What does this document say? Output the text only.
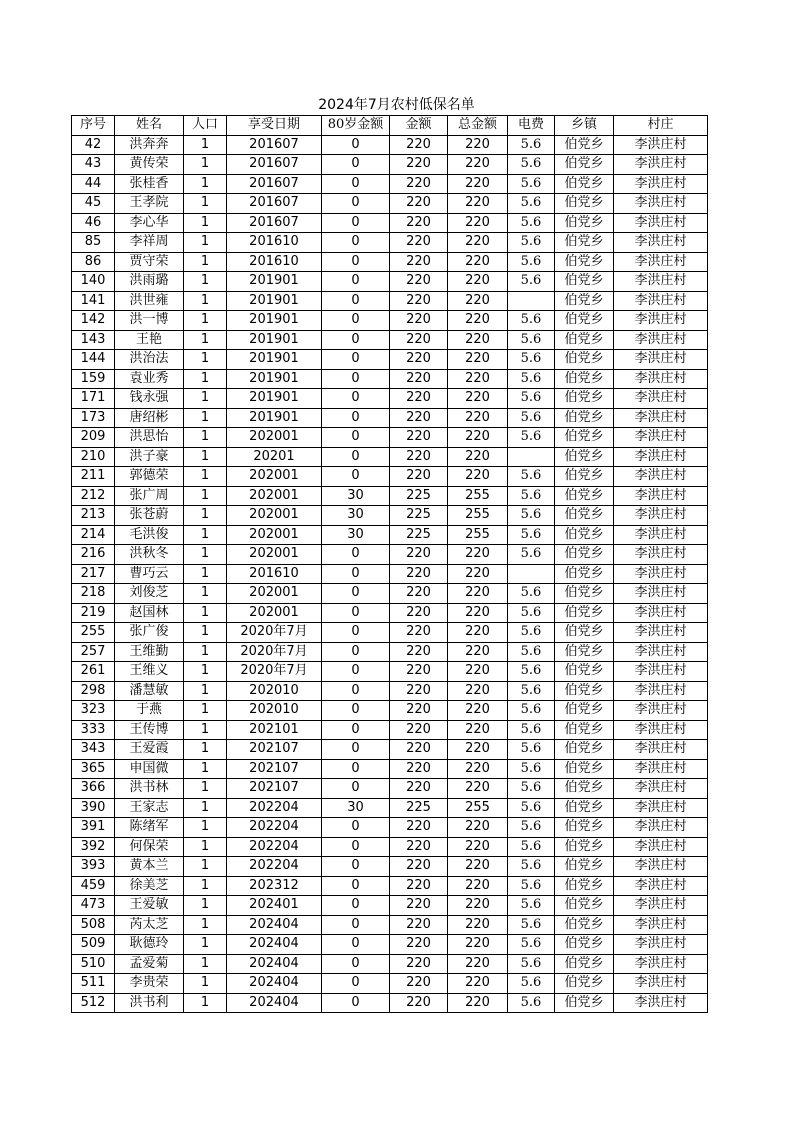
2024年7月农村低保名单
序号	姓名	人口	享受日期	80岁金额	金额	总金额	电费	乡镇	村庄
42	洪奔奔	1	201607	0	220	220	5.6	伯党乡	李洪庄村
43	黄传荣	1	201607	0	220	220	5.6	伯党乡	李洪庄村
44	张桂香	1	201607	0	220	220	5.6	伯党乡	李洪庄村
45	王孝院	1	201607	0	220	220	5.6	伯党乡	李洪庄村
46	李心华	1	201607	0	220	220	5.6	伯党乡	李洪庄村
85	李祥周	1	201610	0	220	220	5.6	伯党乡	李洪庄村
86	贾守荣	1	201610	0	220	220	5.6	伯党乡	李洪庄村
140	洪雨璐	1	201901	0	220	220	5.6	伯党乡	李洪庄村
141	洪世雍	1	201901	0	220	220		伯党乡	李洪庄村
142	洪一博	1	201901	0	220	220	5.6	伯党乡	李洪庄村
143	王艳	1	201901	0	220	220	5.6	伯党乡	李洪庄村
144	洪治法	1	201901	0	220	220	5.6	伯党乡	李洪庄村
159	袁业秀	1	201901	0	220	220	5.6	伯党乡	李洪庄村
171	钱永强	1	201901	0	220	220	5.6	伯党乡	李洪庄村
173	唐绍彬	1	201901	0	220	220	5.6	伯党乡	李洪庄村
209	洪思怡	1	202001	0	220	220	5.6	伯党乡	李洪庄村
210	洪子豪	1	20201	0	220	220		伯党乡	李洪庄村
211	郭德荣	1	202001	0	220	220	5.6	伯党乡	李洪庄村
212	张广周	1	202001	30	225	255	5.6	伯党乡	李洪庄村
213	张苍蔚	1	202001	30	225	255	5.6	伯党乡	李洪庄村
214	毛洪俊	1	202001	30	225	255	5.6	伯党乡	李洪庄村
216	洪秋冬	1	202001	0	220	220	5.6	伯党乡	李洪庄村
217	曹巧云	1	201610	0	220	220		伯党乡	李洪庄村
218	刘俊芝	1	202001	0	220	220	5.6	伯党乡	李洪庄村
219	赵国林	1	202001	0	220	220	5.6	伯党乡	李洪庄村
255	张广俊	1	2020年7月	0	220	220	5.6	伯党乡	李洪庄村
257	王维勤	1	2020年7月	0	220	220	5.6	伯党乡	李洪庄村
261	王维义	1	2020年7月	0	220	220	5.6	伯党乡	李洪庄村
298	潘慧敏	1	202010	0	220	220	5.6	伯党乡	李洪庄村
323	于燕	1	202010	0	220	220	5.6	伯党乡	李洪庄村
333	王传博	1	202101	0	220	220	5.6	伯党乡	李洪庄村
343	王爱霞	1	202107	0	220	220	5.6	伯党乡	李洪庄村
365	申国微	1	202107	0	220	220	5.6	伯党乡	李洪庄村
366	洪书林	1	202107	0	220	220	5.6	伯党乡	李洪庄村
390	王家志	1	202204	30	225	255	5.6	伯党乡	李洪庄村
391	陈绪军	1	202204	0	220	220	5.6	伯党乡	李洪庄村
392	何保荣	1	202204	0	220	220	5.6	伯党乡	李洪庄村
393	黄本兰	1	202204	0	220	220	5.6	伯党乡	李洪庄村
459	徐美芝	1	202312	0	220	220	5.6	伯党乡	李洪庄村
473	王爱敏	1	202401	0	220	220	5.6	伯党乡	李洪庄村
508	芮太芝	1	202404	0	220	220	5.6	伯党乡	李洪庄村
509	耿德玲	1	202404	0	220	220	5.6	伯党乡	李洪庄村
510	孟爱菊	1	202404	0	220	220	5.6	伯党乡	李洪庄村
511	李贵荣	1	202404	0	220	220	5.6	伯党乡	李洪庄村
512	洪书利	1	202404	0	220	220	5.6	伯党乡	李洪庄村
